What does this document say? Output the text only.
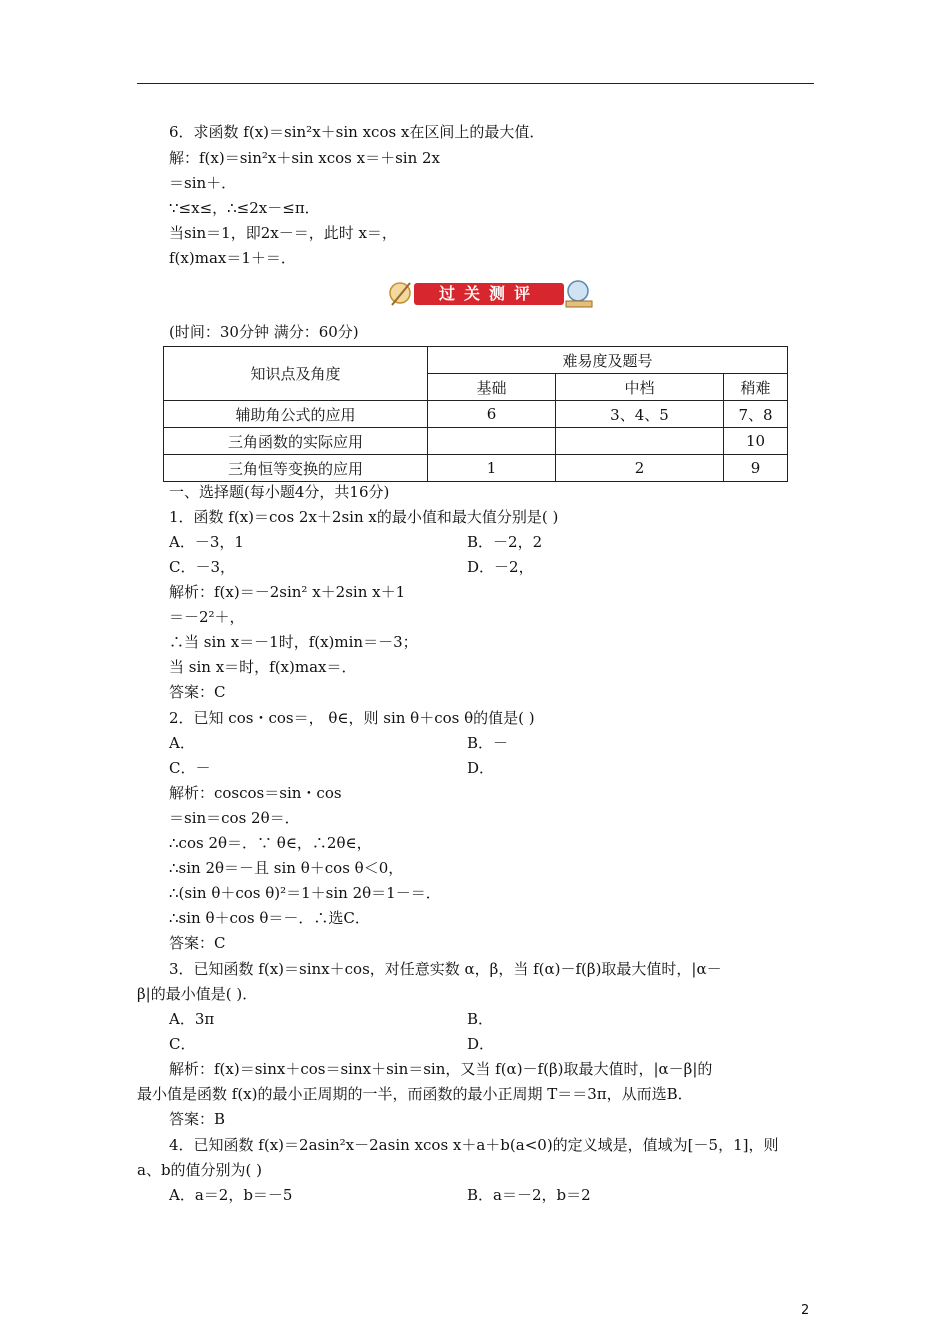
6．求函数 f(x)＝sin²x＋sin xcos x在区间上的最大值．
解：f(x)＝sin²x＋sin xcos x＝＋sin 2x
＝sin＋．
∵≤x≤，∴≤2x－≤π．
当sin＝1，即2x－＝，此时 x＝，
f(x)max＝1＋＝．
过关测评
(时间：30分钟 满分：60分)
知识点及角度	难易度及题号		
	基础	中档	稍难
辅助角公式的应用	6	3、4、5	7、8
三角函数的实际应用			10
三角恒等变换的应用	1	2	9
一、选择题(每小题4分，共16分)
1．函数 f(x)＝cos 2x＋2sin x的最小值和最大值分别是( )
A．－3，1	B．－2，2
C．－3，	D．－2，
解析：f(x)＝－2sin² x＋2sin x＋1
＝－2²＋，
∴当 sin x＝－1时，f(x)min＝－3；
当 sin x＝时，f(x)max＝．
答案：C
2．已知 cos・cos＝， θ∈，则 sin θ＋cos θ的值是( )
A．	B．－
C．－	D．
解析：coscos＝sin・cos
＝sin＝cos 2θ＝．
∴cos 2θ＝．∵ θ∈，∴2θ∈，
∴sin 2θ＝－且 sin θ＋cos θ＜0，
∴(sin θ＋cos θ)²＝1＋sin 2θ＝1－＝．
∴sin θ＋cos θ＝－．∴选C．
答案：C
3．已知函数 f(x)＝sinx＋cos，对任意实数 α，β，当 f(α)－f(β)取最大值时，|α－
β|的最小值是( )．
A．3π	B．
C．	D．
解析：f(x)＝sinx＋cos＝sinx＋sin＝sin，又当 f(α)－f(β)取最大值时，|α－β|的
最小值是函数 f(x)的最小正周期的一半，而函数的最小正周期 T＝＝3π，从而选B．
答案：B
4．已知函数 f(x)＝2asin²x－2asin xcos x＋a＋b(a<0)的定义域是，值域为[－5，1]，则
a、b的值分别为( )
A．a＝2，b＝－5	B．a＝－2，b＝2
2
